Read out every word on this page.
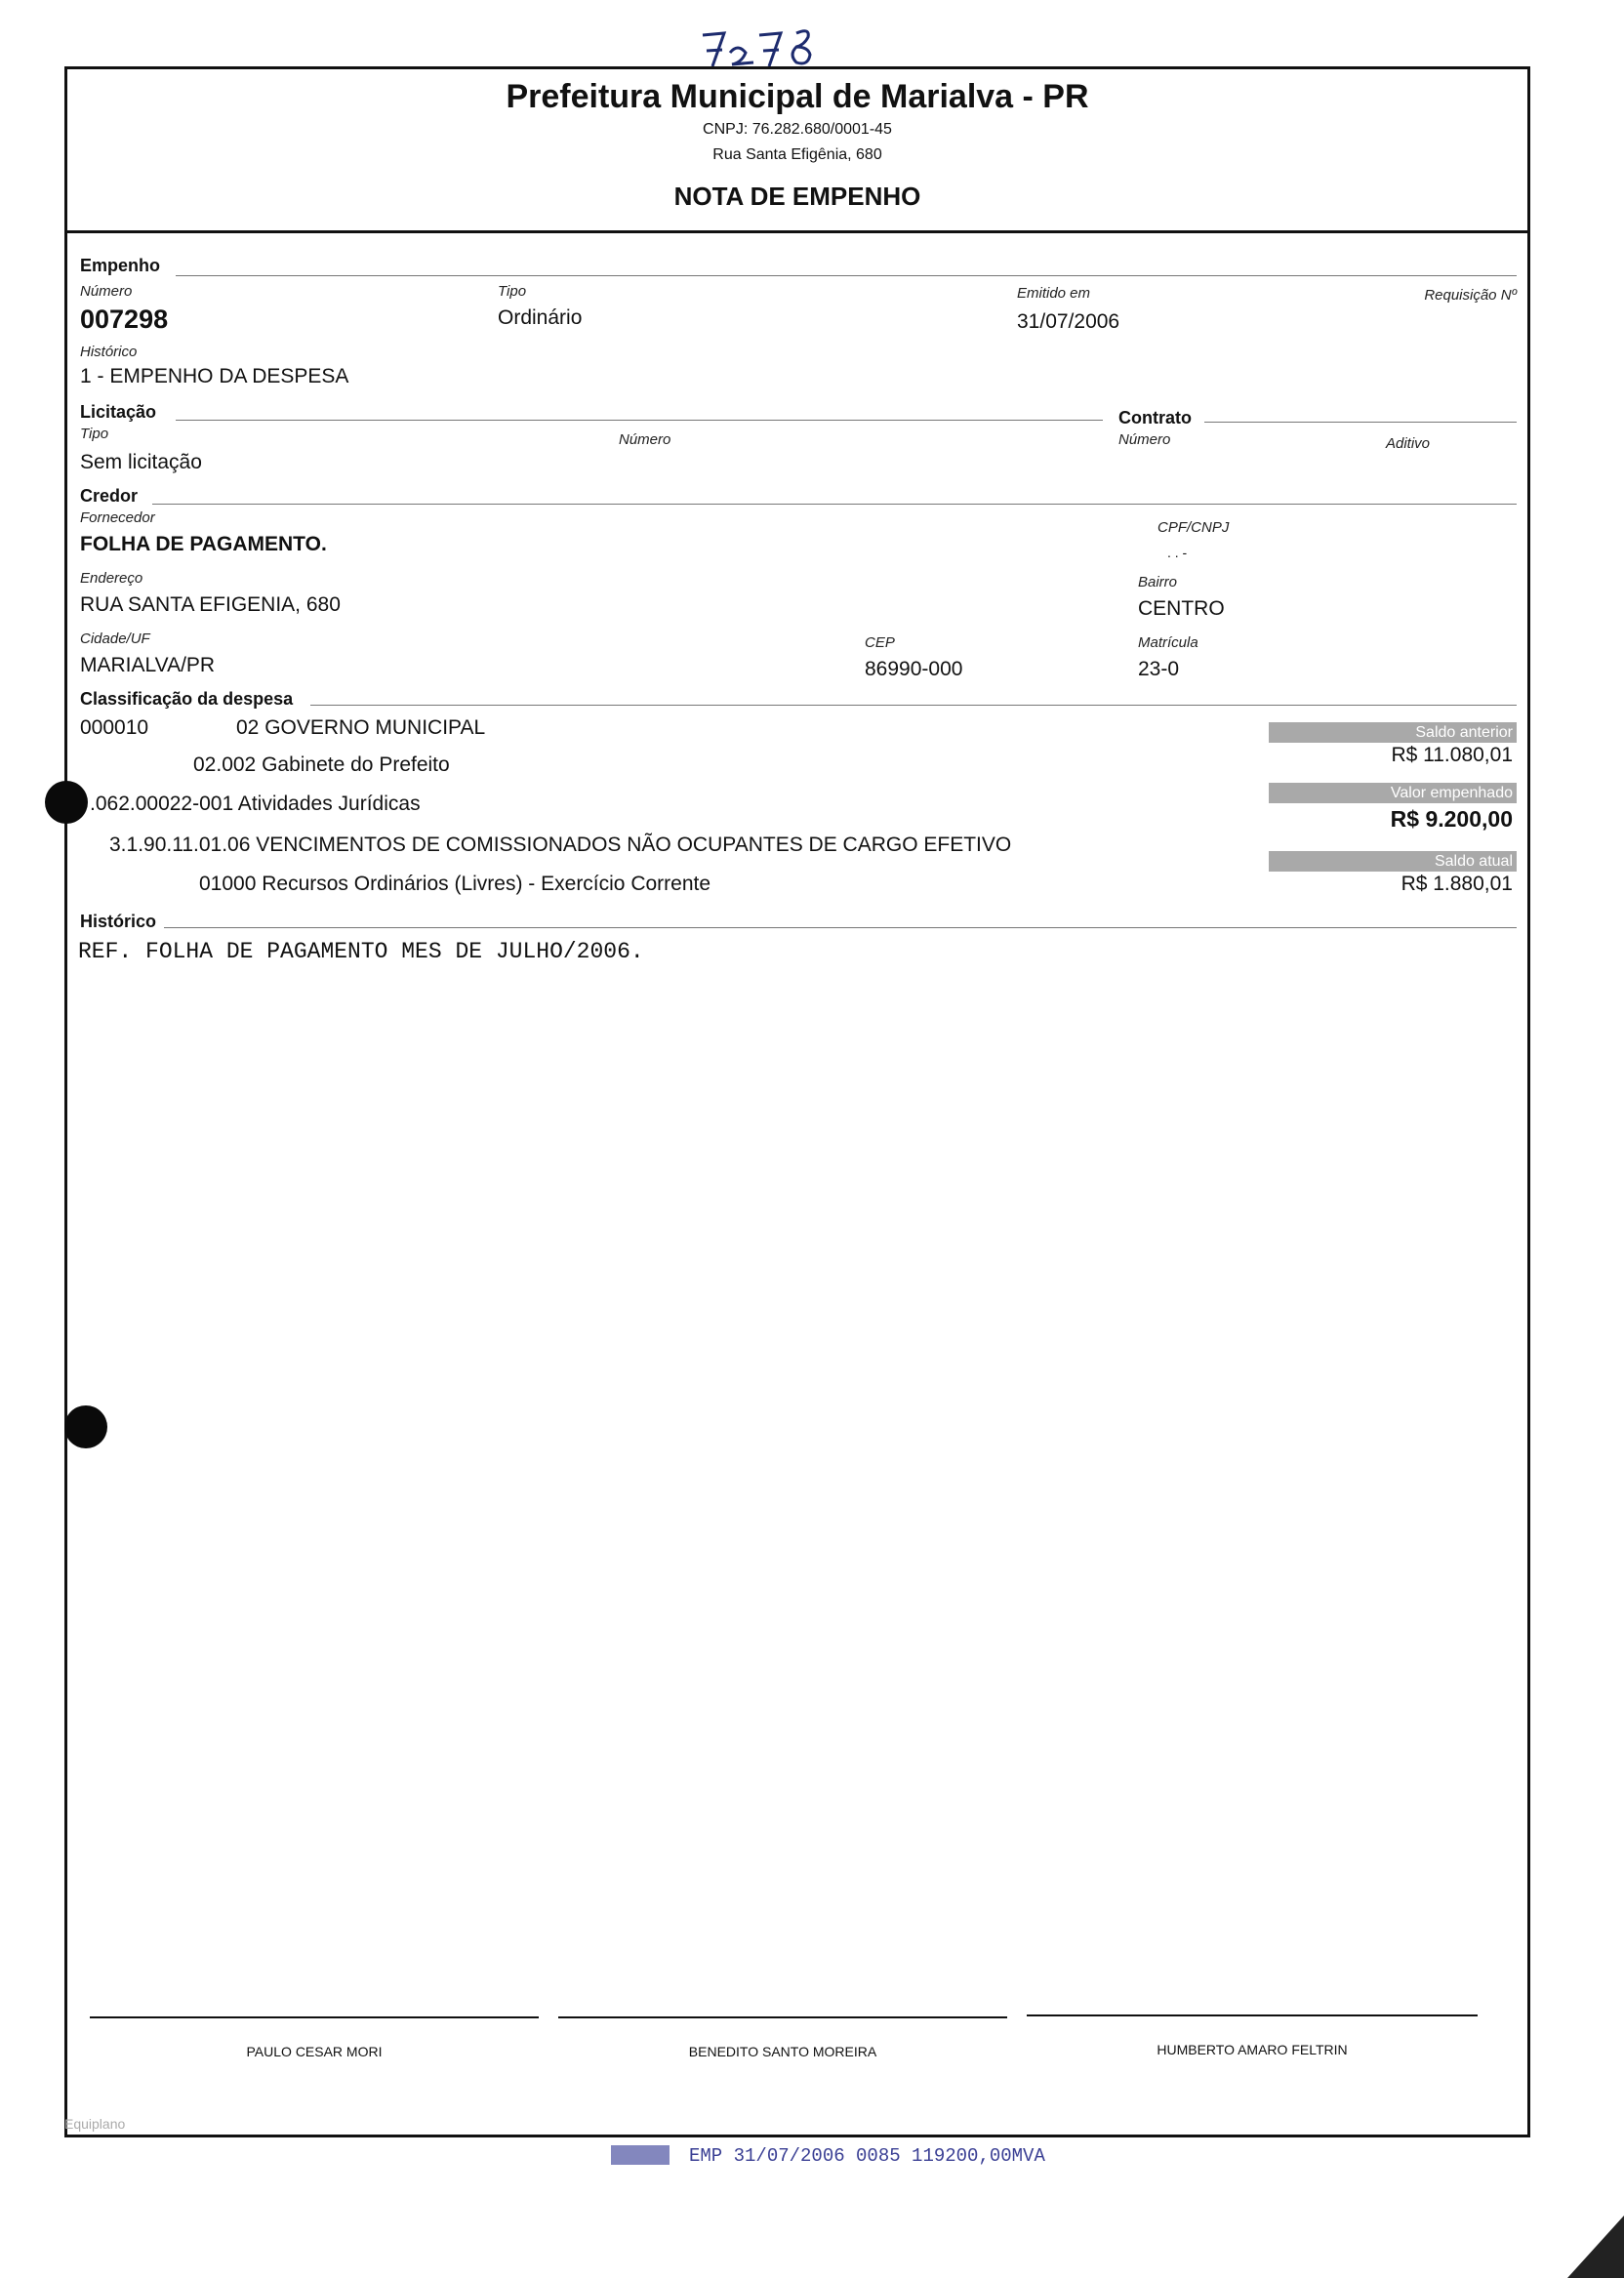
Prefeitura Municipal de Marialva - PR
CNPJ: 76.282.680/0001-45
Rua Santa Efigênia, 680
NOTA DE EMPENHO
Empenho
Número
007298
Tipo
Ordinário
Emitido em
31/07/2006
Requisição Nº
Histórico
1 - EMPENHO DA DESPESA
Licitação	Contrato
Tipo
Sem licitação
Número	Número	Aditivo
Credor
Fornecedor
FOLHA DE PAGAMENTO.
CPF/CNPJ
. . -
Endereço
RUA SANTA EFIGENIA, 680
Bairro
CENTRO
Cidade/UF
MARIALVA/PR
CEP
86990-000
Matrícula
23-0
Classificação da despesa
000010	02 GOVERNO MUNICIPAL
02.002 Gabinete do Prefeito
.062.00022-001 Atividades Jurídicas
3.1.90.11.01.06 VENCIMENTOS DE COMISSIONADOS NÃO OCUPANTES DE CARGO EFETIVO
01000 Recursos Ordinários (Livres) - Exercício Corrente
Saldo anterior
R$ 11.080,01
Valor empenhado
R$ 9.200,00
Saldo atual
R$ 1.880,01
Histórico
REF. FOLHA DE PAGAMENTO MES DE JULHO/2006.
PAULO CESAR MORI	BENEDITO SANTO MOREIRA	HUMBERTO AMARO FELTRIN
Equiplano
EMP 31/07/2006 0085 119200,00MVA
